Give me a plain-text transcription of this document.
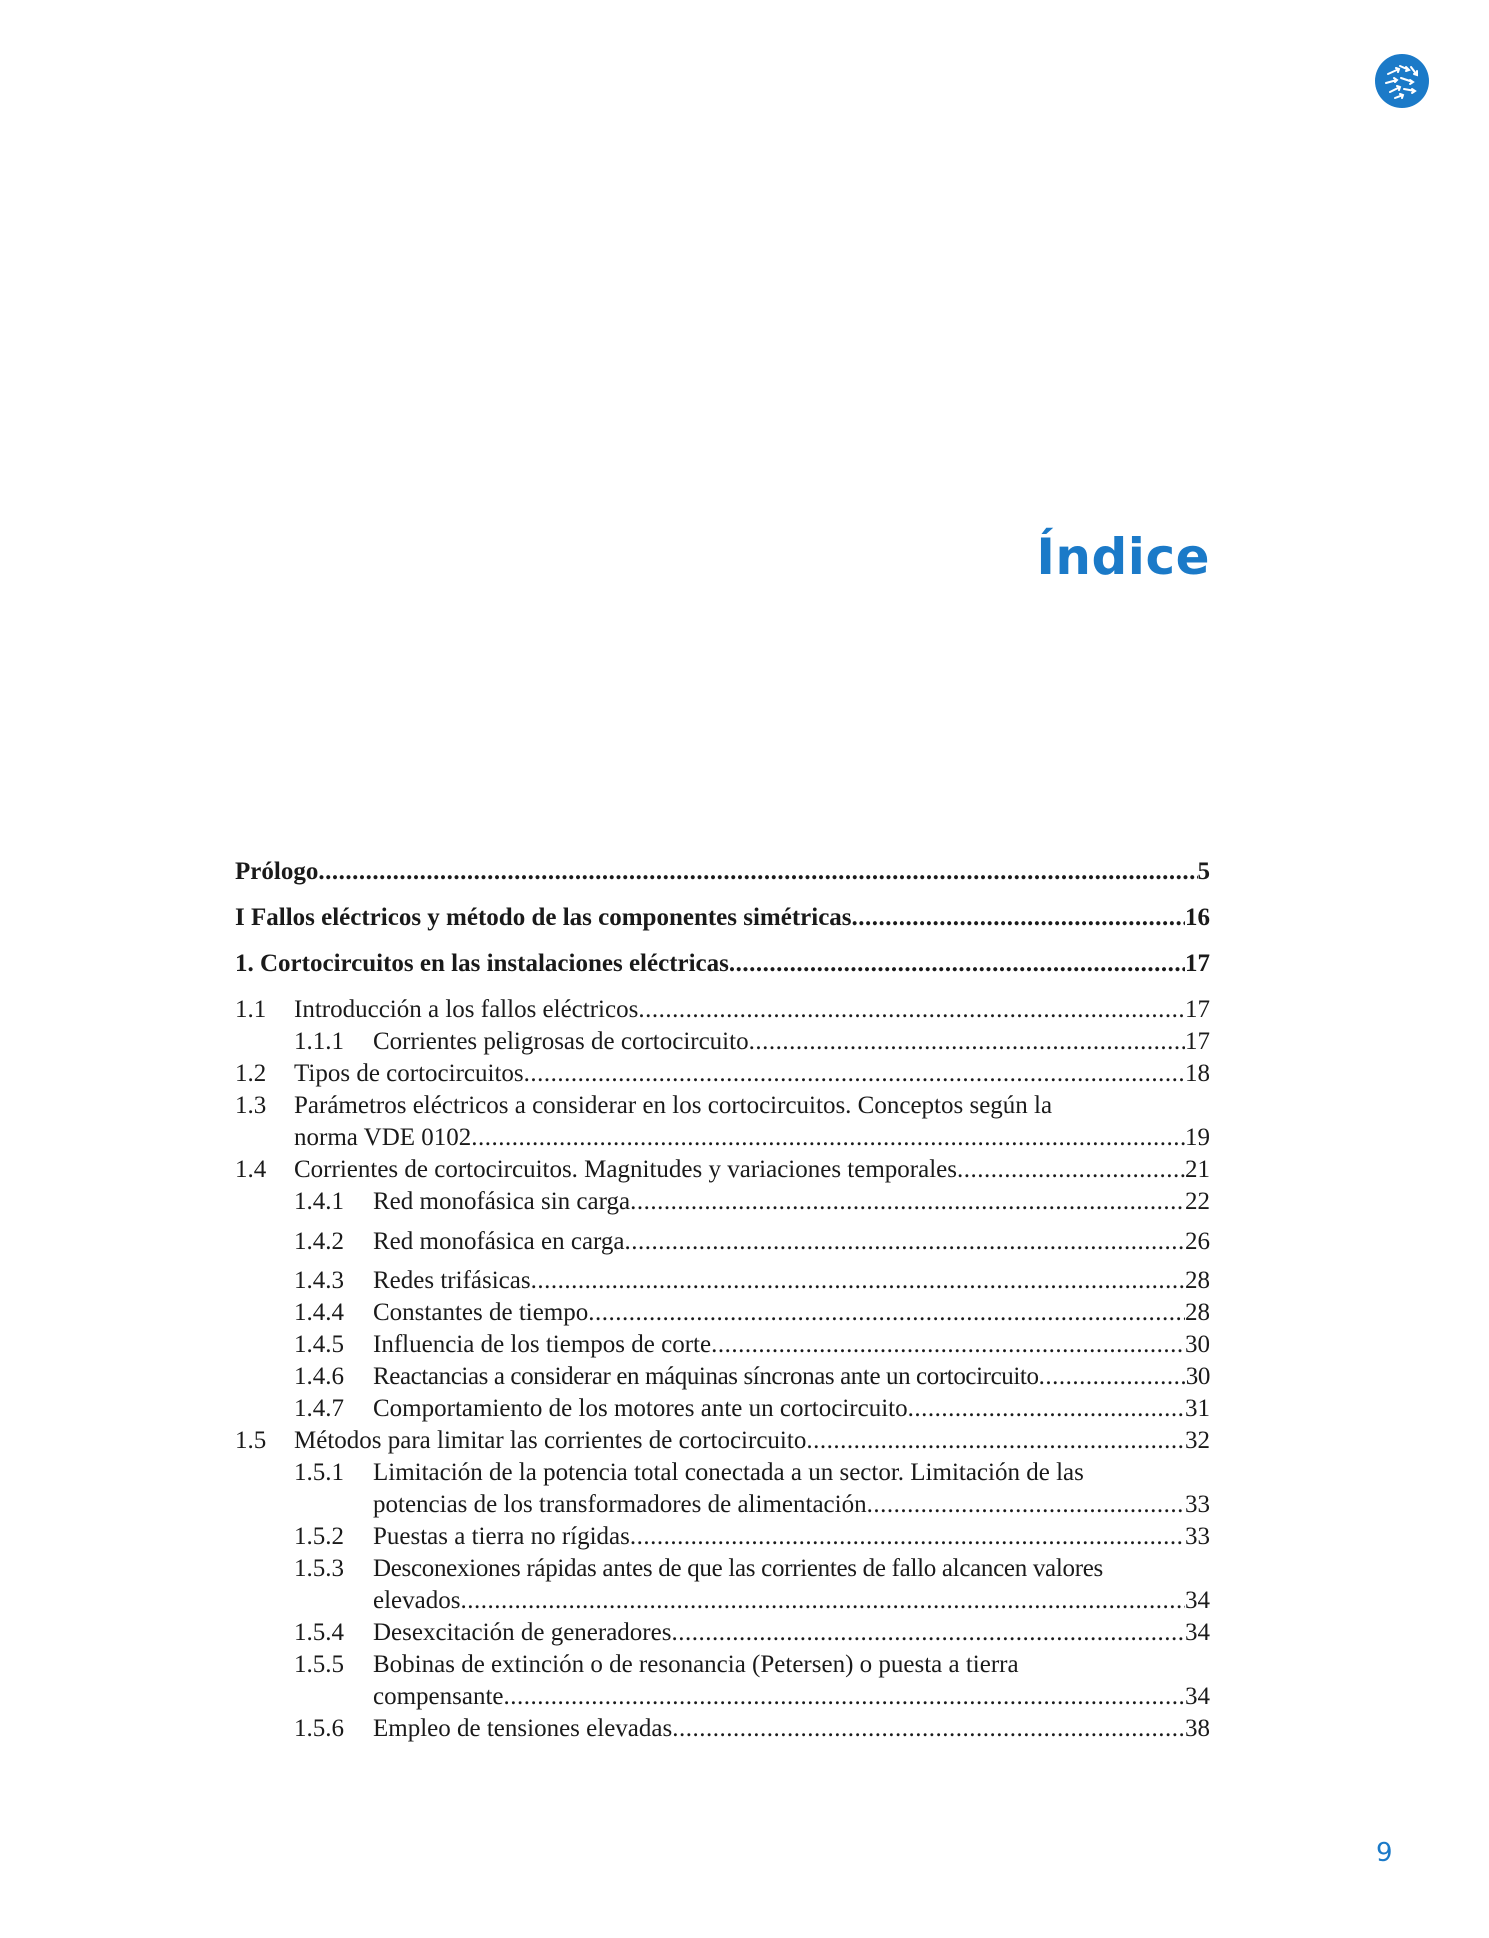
Índice
Prólogo .....	5
I Fallos eléctricos y método de las componentes simétricas .....	16
1. Cortocircuitos en las instalaciones eléctricas .....	17
1.1 Introducción a los fallos eléctricos .....	17
1.1.1 Corrientes peligrosas de cortocircuito .....	17
1.2 Tipos de cortocircuitos .....	18
1.3 Parámetros eléctricos a considerar en los cortocircuitos. Conceptos según la
norma VDE 0102 .....	19
1.4 Corrientes de cortocircuitos. Magnitudes y variaciones temporales .....	21
1.4.1 Red monofásica sin carga .....	22
1.4.2 Red monofásica en carga .....	26
1.4.3 Redes trifásicas .....	28
1.4.4 Constantes de tiempo .....	28
1.4.5 Influencia de los tiempos de corte .....	30
1.4.6 Reactancias a considerar en máquinas síncronas ante un cortocircuito .....	30
1.4.7 Comportamiento de los motores ante un cortocircuito .....	31
1.5 Métodos para limitar las corrientes de cortocircuito .....	32
1.5.1 Limitación de la potencia total conectada a un sector. Limitación de las
potencias de los transformadores de alimentación .....	33
1.5.2 Puestas a tierra no rígidas .....	33
1.5.3 Desconexiones rápidas antes de que las corrientes de fallo alcancen valores
elevados .....	34
1.5.4 Desexcitación de generadores .....	34
1.5.5 Bobinas de extinción o de resonancia (Petersen) o puesta a tierra
compensante .....	34
1.5.6 Empleo de tensiones elevadas .....	38
9
